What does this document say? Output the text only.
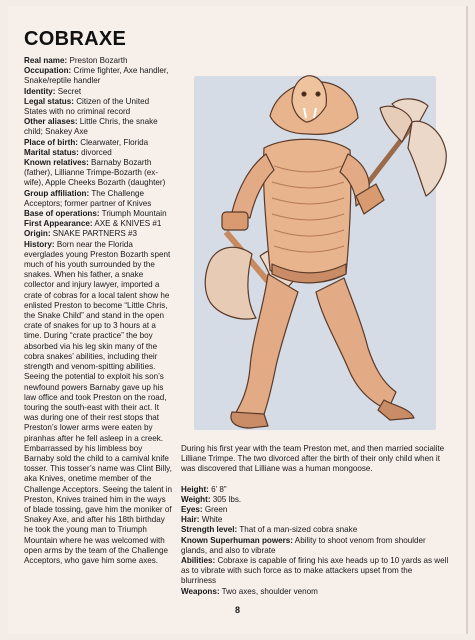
COBRAXE

Real name: Preston Bozarth

Occupation: Crime fighter, Axe handler, Snake/reptile handler

Identity: Secret

Legal status: Citizen of the United States with no criminal record

Other aliases: Little Chris, the snake child; Snakey Axe

Place of birth: Clearwater, Florida

Marital status: divorced

Known relatives: Barnaby Bozarth (father), Lillianne Trimpe-Bozarth (ex-wife), Apple Cheeks Bozarth (daughter)

Group affiliation: The Challenge Acceptors; former partner of Knives

Base of operations: Triumph Mountain

First Appearance: AXE & KNIVES #1

Origin: SNAKE PARTNERS #3

History: Born near the Florida everglades young Preston Bozarth spent much of his youth surrounded by the snakes. When his father, a snake collector and injury lawyer, imported a crate of cobras for a local talent show he enlisted Preston to become “Little Chris, the Snake Child” and stand in the open crate of snakes for up to 3 hours at a time. During “crate practice” the boy absorbed via his leg skin many of the cobra snakes’ abilities, including their strength and venom-spitting abilities.

Seeing the potential to exploit his son’s newfound powers Barnaby gave up his law office and took Preston on the road, touring the south-east with their act. It was during one of their rest stops that Preston’s lower arms were eaten by piranhas after he fell asleep in a creek. Embarrassed by his limbless boy Barnaby sold the child to a carnival knife tosser. This tosser’s name was Clint Billy, aka Knives, onetime member of the Challenge Acceptors. Seeing the talent in Preston, Knives trained him in the ways of blade tossing, gave him the moniker of Snakey Axe, and after his 18th birthday he took the young man to Triumph Mountain where he was welcomed with open arms by the team of the Challenge Acceptors, who gave him some axes.

During his first year with the team Preston met, and then married socialite Lilliane Trimpe. The two divorced after the birth of their only child when it was discovered that Lilliane was a human mongoose.

Height: 6’ 8”

Weight: 305 lbs.

Eyes: Green

Hair: White

Strength level: That of a man-sized cobra snake

Known Superhuman powers: Ability to shoot venom from shoulder glands, and also to vibrate

Abilities: Cobraxe is capable of firing his axe heads up to 10 yards as well as to vibrate with such force as to make attackers upset from the blurriness

Weapons: Two axes, shoulder venom

8
